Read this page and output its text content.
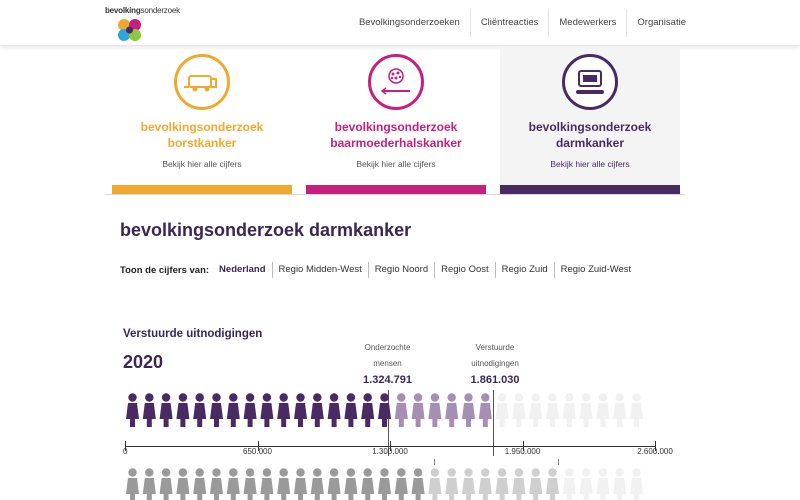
bevolkingsonderzoek
Bevolkingsonderzoeken	Cliëntreacties	Medewerkers	Organisatie
bevolkingsonderzoek
borstkanker
Bekijk hier alle cijfers
bevolkingsonderzoek
baarmoederhalskanker
Bekijk hier alle cijfers
bevolkingsonderzoek
darmkanker
Bekijk hier alle cijfers
bevolkingsonderzoek darmkanker
Toon de cijfers van:	Nederland	Regio Midden-West	Regio Noord	Regio Oost	Regio Zuid	Regio Zuid-West
Verstuurde uitnodigingen
2020
Onderzochte
mensen
1.324.791
Verstuurde
uitnodigingen
1.861.030
0	650.000	1.300.000	1.950.000	2.600.000
